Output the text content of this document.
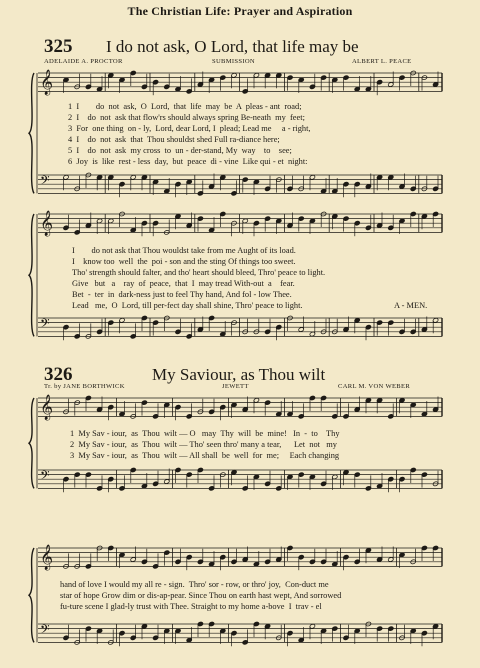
The Christian Life: Prayer and Aspiration
325 I do not ask, O Lord, that life may be
ADELAIDE A. PROCTOR	SUBMISSION	ALBERT L. PEACE
1  I        do  not  ask,  O  Lord,  that  life  may  be  A  pleas - ant  road;
2  I    do  not  ask that flow'rs should always spring Be-neath  my  feet;
3  For  one thing  on - ly,  Lord, dear Lord, I  plead; Lead me     a - right,
4  I    do  not  ask  that  Thou shouldst shed Full ra-diance here;
5  I    do  not  ask  my cross  to  un - der-stand, My  way    to    see;
6  Joy  is  like  rest - less  day,  but  peace  di - vine  Like qui - et  night:
I        do not ask that Thou wouldst take from me Aught of its load.
I    know too  well  the  poi - son and the sting Of things too sweet.
Tho' strength should falter, and tho' heart should bleed, Thro' peace to light.
Give   but   a    ray  of  peace,  that  I  may tread With-out  a    fear.
Bet  -  ter  in  dark-ness just to feel Thy hand, And fol - low Thee.
Lead   me,  O  Lord, till per-fect day shall shine, Thro' peace to light.	A - MEN.
326	My Saviour, as Thou wilt
Tr. by JANE BORTHWICK	JEWETT	CARL M. VON WEBER
1  My Sav - iour,  as  Thou  wilt — O   may  Thy  will  be  mine!   In  -  to    Thy
2  My Sav - iour,  as  Thou  wilt — Tho' seen thro' many a tear,      Let  not   my
3  My Sav - iour,  as  Thou  wilt — All shall  be  well  for  me;     Each changing
hand of love I would my all re - sign.  Thro' sor - row, or thro' joy,  Con-duct me
star of hope Grow dim or dis-ap-pear. Since Thou on earth hast wept, And sorrowed
fu-ture scene I glad-ly trust with Thee. Straight to my home a-bove  I  trav - el
𝄞
𝄢
𝄞
𝄢
𝄞
𝄢
𝄞
𝄢
